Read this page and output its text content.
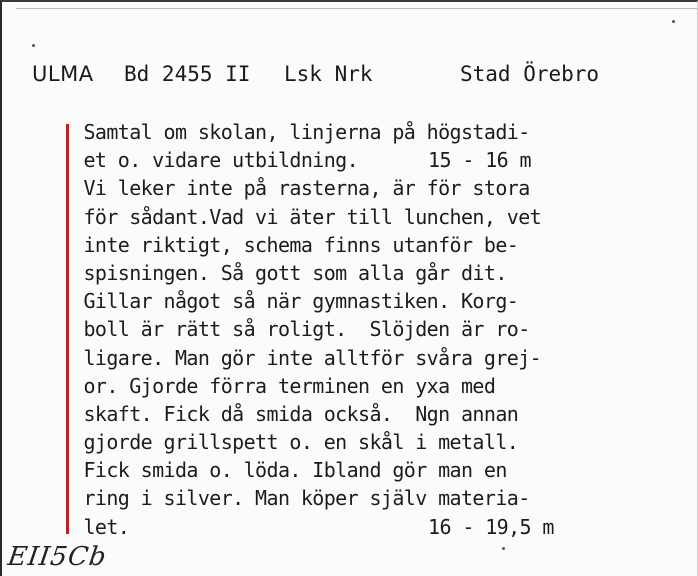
ULMA Bd 2455 II Lsk Nrk	Stad Örebro
Samtal om skolan, linjerna på högstadi-
et o. vidare utbildning.	15 - 16 m
Vi leker inte på rasterna, är för stora
för sådant.Vad vi äter till lunchen, vet
inte riktigt, schema finns utanför be-
spisningen. Så gott som alla går dit.
Gillar något så när gymnastiken. Korg-
boll är rätt så roligt.  Slöjden är ro-
ligare. Man gör inte alltför svåra grej-
or. Gjorde förra terminen en yxa med
skaft. Fick då smida också.  Ngn annan
gjorde grillspett o. en skål i metall.
Fick smida o. löda. Ibland gör man en
ring i silver. Man köper själv materia-
let.	16 - 19,5 m
EII5Cb
